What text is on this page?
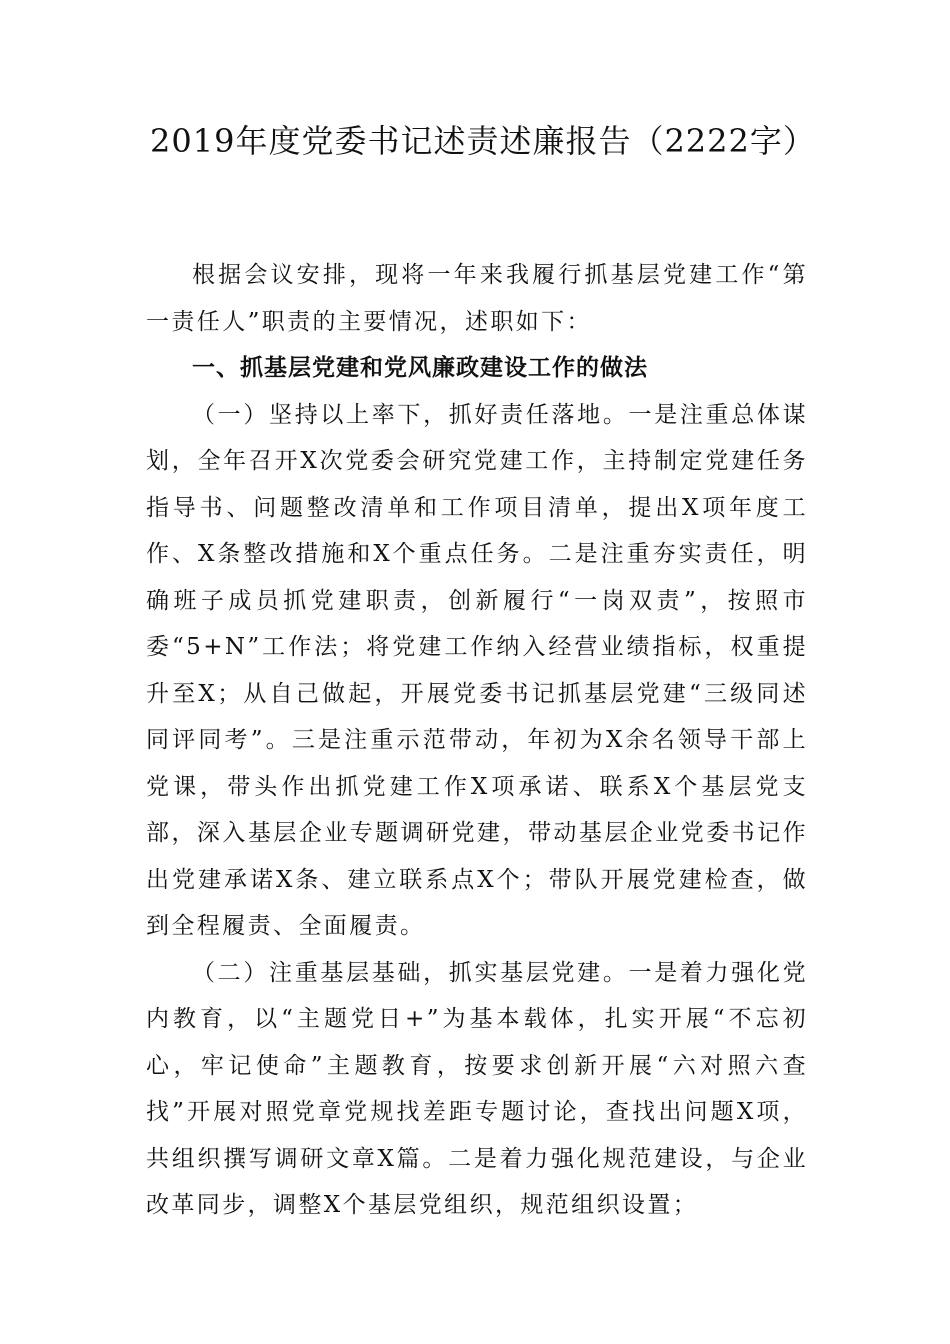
2019年度党委书记述责述廉报告（2222字）

根据会议安排，现将一年来我履行抓基层党建工作“第一责任人”职责的主要情况，述职如下：

一、抓基层党建和党风廉政建设工作的做法

（一）坚持以上率下，抓好责任落地。一是注重总体谋划，全年召开X次党委会研究党建工作，主持制定党建任务指导书、问题整改清单和工作项目清单，提出X项年度工作、X条整改措施和X个重点任务。二是注重夯实责任，明确班子成员抓党建职责，创新履行“一岗双责”，按照市委“5+N”工作法；将党建工作纳入经营业绩指标，权重提升至X；从自己做起，开展党委书记抓基层党建“三级同述同评同考”。三是注重示范带动，年初为X余名领导干部上党课，带头作出抓党建工作X项承诺、联系X个基层党支部，深入基层企业专题调研党建，带动基层企业党委书记作出党建承诺X条、建立联系点X个；带队开展党建检查，做到全程履责、全面履责。

（二）注重基层基础，抓实基层党建。一是着力强化党内教育，以“主题党日+”为基本载体，扎实开展“不忘初心，牢记使命”主题教育，按要求创新开展“六对照六查找”开展对照党章党规找差距专题讨论，查找出问题X项，共组织撰写调研文章X篇。二是着力强化规范建设，与企业改革同步，调整X个基层党组织，规范组织设置；
